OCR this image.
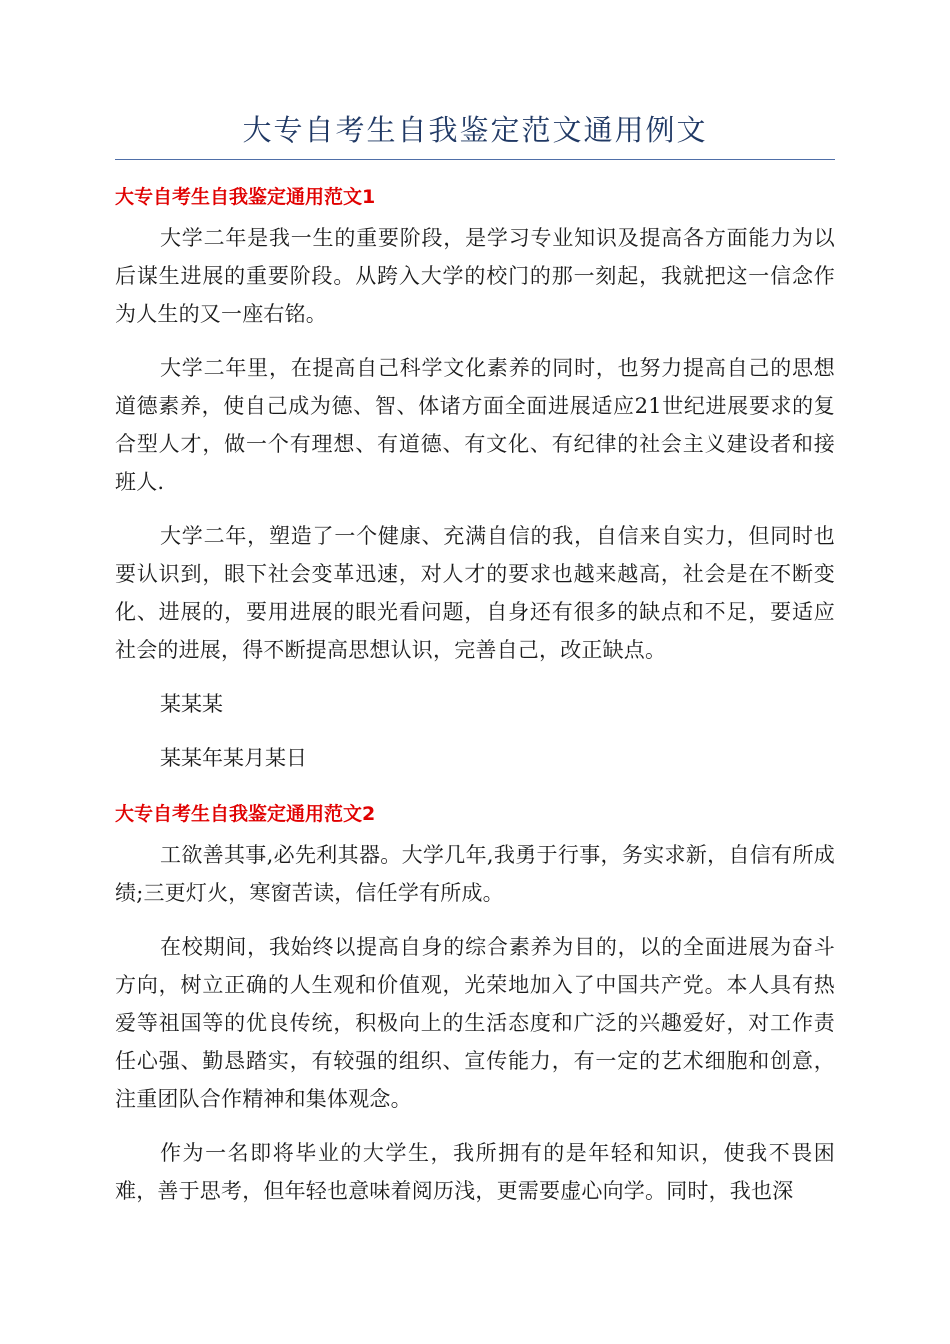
大专自考生自我鉴定范文通用例文
大专自考生自我鉴定通用范文1

大学二年是我一生的重要阶段，是学习专业知识及提高各方面能力为以后谋生进展的重要阶段。从跨入大学的校门的那一刻起，我就把这一信念作为人生的又一座右铭。

大学二年里，在提高自己科学文化素养的同时，也努力提高自己的思想道德素养，使自己成为德、智、体诸方面全面进展适应21世纪进展要求的复合型人才，做一个有理想、有道德、有文化、有纪律的社会主义建设者和接班人.

大学二年，塑造了一个健康、充满自信的我，自信来自实力，但同时也要认识到，眼下社会变革迅速，对人才的要求也越来越高，社会是在不断变化、进展的，要用进展的眼光看问题，自身还有很多的缺点和不足，要适应社会的进展，得不断提高思想认识，完善自己，改正缺点。

某某某

某某年某月某日

大专自考生自我鉴定通用范文2

工欲善其事,必先利其器。大学几年,我勇于行事，务实求新，自信有所成绩;三更灯火，寒窗苦读，信任学有所成。

在校期间，我始终以提高自身的综合素养为目的，以的全面进展为奋斗方向，树立正确的人生观和价值观，光荣地加入了中国共产党。本人具有热爱等祖国等的优良传统，积极向上的生活态度和广泛的兴趣爱好，对工作责任心强、勤恳踏实，有较强的组织、宣传能力，有一定的艺术细胞和创意，注重团队合作精神和集体观念。

作为一名即将毕业的大学生，我所拥有的是年轻和知识，使我不畏困难，善于思考，但年轻也意味着阅历浅，更需要虚心向学。同时，我也深
